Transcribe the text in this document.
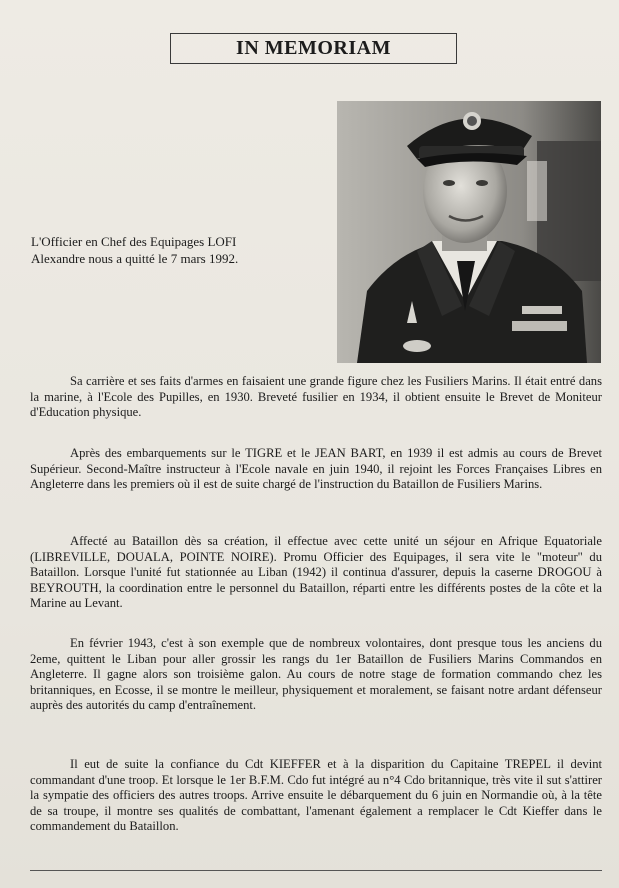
IN MEMORIAM
L'Officier en Chef des Equipages LOFI
Alexandre nous a quitté le 7 mars 1992.

Sa carrière et ses faits d'armes en faisaient une grande figure chez les Fusiliers Marins. Il était entré dans la marine, à l'Ecole des Pupilles, en 1930. Breveté fusilier en 1934, il obtient ensuite le Brevet de Moniteur d'Education physique.

Après des embarquements sur le TIGRE et le JEAN BART, en 1939 il est admis au cours de Brevet Supérieur. Second-Maître instructeur à l'Ecole navale en juin 1940, il rejoint les Forces Françaises Libres en Angleterre dans les premiers où il est de suite chargé de l'instruction du Bataillon de Fusiliers Marins.

Affecté au Bataillon dès sa création, il effectue avec cette unité un séjour en Afrique Equatoriale (LIBREVILLE, DOUALA, POINTE NOIRE). Promu Officier des Equipages, il sera vite le "moteur" du Bataillon. Lorsque l'unité fut stationnée au Liban (1942) il continua d'assurer, depuis la caserne DROGOU à BEYROUTH, la coordination entre le personnel du Bataillon, réparti entre les différents postes de la côte et la Marine au Levant.

En février 1943, c'est à son exemple que de nombreux volontaires, dont presque tous les anciens du 2eme, quittent le Liban pour aller grossir les rangs du 1er Bataillon de Fusiliers Marins Commandos en Angleterre. Il gagne alors son troisième galon. Au cours de notre stage de formation commando chez les britanniques, en Ecosse, il se montre le meilleur, physiquement et moralement, se faisant notre ardant défenseur auprès des autorités du camp d'entraînement.

Il eut de suite la confiance du Cdt KIEFFER et à la disparition du Capitaine TREPEL il devint commandant d'une troop. Et lorsque le 1er B.F.M. Cdo fut intégré au n°4 Cdo britannique, très vite il sut s'attirer la sympatie des officiers des autres troops. Arrive ensuite le débarquement du 6 juin en Normandie où, à la tête de sa troupe, il montre ses qualités de combattant, l'amenant également a remplacer le Cdt Kieffer dans le commandement du Bataillon.
